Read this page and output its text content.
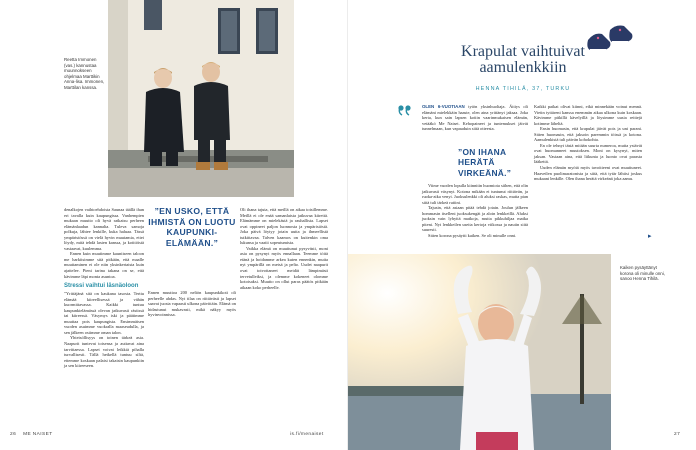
Reetta Immonen (vas.) kannustaa muunnokseen ohjelmaa Marttikin Anna-lisa. Immonen, Marttilan kanssa.

denalkojen vaihtoehdoista Saunaa täällä ihan eri tavalla kuin kaupungissa. Vanhempien mukaan muutto oli hyvä ratkaisu perheen elämänlaadun kannalta. Tuleva samoja polkuja, lähtee lenkille, kuka haluaa. Tässä ympäristössä on vielä hyvin muutamia, ettei löydy, mitä tehdä lasten kanssa, ja kotitöistä vastaavat, kuulemma.

Ennen kuin muutimme kauniiseen taloon me harkitsimme sitä pitkään, että maalle muuttaminen ei ole niin yksinkertaista kuin ajattelee. Pieni tarina takana on se, että kävimme läpi monta asuntoa.

Stressi vaihtui läsnäoloon

”Yrittäjänä sitä on kaukana tasosta. Terttu elämää kiireellisessä ja vähän kuormittavassa. Kaikki tuntuu kaupunkielämässä olevan jatkuvasti rästissä tai kiireessä. Väsymys iski ja päätimme muuttaa pois kaupungista. Ensimmäisen vuoden asuimme vuokralla maaseudulla, ja sen jälkeen ostimme oman talon.

Yhteisöllisyys on toinen tärkeä asia. Naapurit tuntevat toisensa ja auttavat aina tarvittaessa. Lapset voivat leikkiä pihalla turvallisesti. Tällä hetkellä tuntuu siltä, ettemme koskaan palaisi takaisin kaupunkiin ja sen kiireeseen.

”EN USKO, ETTÄ IHMISTÄ ON LUOTU KAUPUNKI-ELÄMÄÄN.”

Ennen muuttoa 200 neliön kaupunkikoti oli perheelle ahdas. Nyt tilaa on riittävästi ja lapset saavat juosta vapaasti ulkona päivittäin. Elämä on hidastunut mukavasti, mikä näkyy myös hyvinvoinnissa.

Oli ihana tajuta, että meillä on aikaa toisillemme. Meillä ei ole enää samanlaista jatkuvaa kiirettä. Elämämme on mielekästä ja rauhallista. Lapset ovat oppineet paljon luonnosta ja ympäristöstä. Joka päivä löytyy jotain uutta ja ihmeellistä tutkittavaa. Talven kaamos on kuitenkin oma lukunsa ja vaatii sopeutumista.

Vaikka elämä on muuttunut pysyvästi, moni asia on pysynyt myös ennallaan. Teemme töitä etänä ja hoidamme arkea kuten ennenkin, mutta nyt ympärillä on metsä ja pelto. Uudet naapurit ovat toivottaneet meidät lämpimästi tervetulleiksi, ja olemme kokeneet olomme kotoisaksi. Muutto on ollut paras päätös pitkään aikaan koko perheelle.

26 ME NAISET	is.fi/menaiset
Krapulat vaihtuivat
aamulenkkiin
HENNA TIHILÄ, 37, TURKU

OLEN 6-VUOTIAAN tytön yksinhuoltaja. Äitiys oli elämäni mielekkäin haaste, olen aina yrittänyt jaksaa. Joka kerta, kun sain lapsen kotiin vaarinmukaisen elämän, vetääkö Me Naiset. Kehopaineet ja tuntemukset jäivät tunnelmaan, kun vapauduin siitä otteesta.

”ON IHANA HERÄTÄ VIRKEÄNÄ.”

Viime vuoden lopulla kiinnitin huomiota siihen, että olin jatkuvasti väsynyt. Kotona mikään ei tuntunut riittävän, ja ruoka-aika venyi. Juoksulenkki oli aluksi raskas, mutta pian siitä tuli tärkeä rutiini.

Tajusin, että asiaan pitää tehdä jotain. Joulun jälkeen hommasin itselleni juoksukengät ja aloin lenkkeillä. Aluksi juoksin vain lyhyitä matkoja, mutta pikkuhiljaa matka piteni. Nyt lenkkeilen useita kertoja viikossa ja nautin siitä suuresti.

Sitten korona pysäytti kaiken. Se oli minulle onni.

Kaikki paikat olivat kiinni, eikä minnekään voinut mennä. Vietin tyttäreni kanssa enemmän aikaa ulkona kuin koskaan. Kävimme pitkillä kävelyillä ja löysimme uusia reittejä kotimme läheltä.

Ensin huomasin, että krapulat jäivät pois ja uni parani. Sitten huomasin, että jaksoin paremmin töissä ja kotona. Aamulenkistä tuli päivän kohokohta.

En ole tehnyt tästä mitään suurta numeroa, mutta ystävät ovat huomanneet muutoksen. Moni on kysynyt, miten jaksan. Vastaan aina, että liikunta ja luonto ovat parasta lääkettä.

Uuden elämän myötä myös tavoitteeni ovat muuttuneet. Haaveilen puolimaratonista ja siitä, että tytär lähtisi joskus mukaani lenkille. Olen ihana herätä virkeänä joka aamu.

▸
Kaiken pysäyttänyt korona oli minulle onni, sanoo Henna Tihilä.
27
